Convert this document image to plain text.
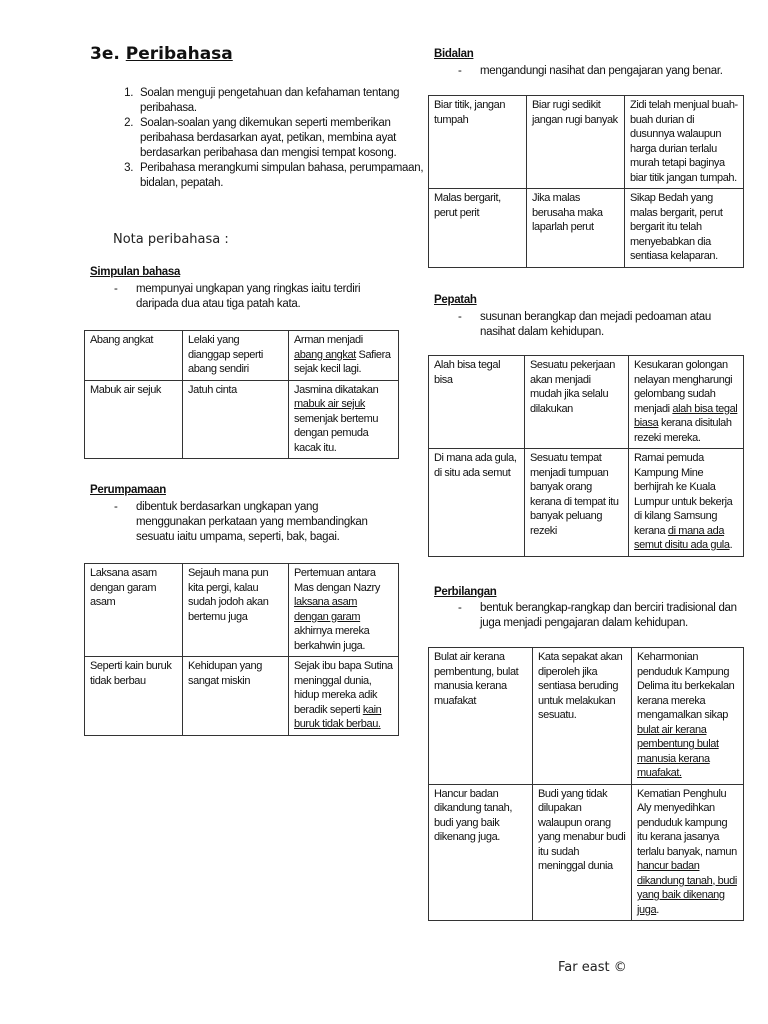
3e. Peribahasa
1. Soalan menguji pengetahuan dan kefahaman tentang peribahasa.
2. Soalan-soalan yang dikemukan seperti memberikan peribahasa berdasarkan ayat, petikan, membina ayat berdasarkan peribahasa dan mengisi tempat kosong.
3. Peribahasa merangkumi simpulan bahasa, perumpamaan, bidalan, pepatah.
Nota peribahasa :
Simpulan bahasa
-	mempunyai ungkapan yang ringkas iaitu terdiri daripada dua atau tiga patah kata.
Abang angkat	Lelaki yang dianggap seperti abang sendiri	Arman menjadi abang angkat Safiera sejak kecil lagi.
Mabuk air sejuk	Jatuh cinta	Jasmina dikatakan mabuk air sejuk semenjak bertemu dengan pemuda kacak itu.
Perumpamaan
-	dibentuk berdasarkan ungkapan yang menggunakan perkataan yang membandingkan sesuatu iaitu umpama, seperti, bak, bagai.
Laksana asam dengan garam asam	Sejauh mana pun kita pergi, kalau sudah jodoh akan bertemu juga	Pertemuan antara Mas dengan Nazry laksana asam dengan garam akhirnya mereka berkahwin juga.
Seperti kain buruk tidak berbau	Kehidupan yang sangat miskin	Sejak ibu bapa Sutina meninggal dunia, hidup mereka adik beradik seperti kain buruk tidak berbau.
Bidalan
-	mengandungi nasihat dan pengajaran yang benar.
Biar titik, jangan tumpah	Biar rugi sedikit jangan rugi banyak	Zidi telah menjual buah-buah durian di dusunnya walaupun harga durian terlalu murah tetapi baginya biar titik jangan tumpah.
Malas bergarit, perut perit	Jika malas berusaha maka laparlah perut	Sikap Bedah yang malas bergarit, perut bergarit itu telah menyebabkan dia sentiasa kelaparan.
Pepatah
-	susunan berangkap dan mejadi pedoaman atau nasihat dalam kehidupan.
Alah bisa tegal bisa	Sesuatu pekerjaan akan menjadi mudah jika selalu dilakukan	Kesukaran golongan nelayan mengharungi gelombang sudah menjadi alah bisa tegal biasa kerana disitulah rezeki mereka.
Di mana ada gula, di situ ada semut	Sesuatu tempat menjadi tumpuan banyak orang kerana di tempat itu banyak peluang rezeki	Ramai pemuda Kampung Mine berhijrah ke Kuala Lumpur untuk bekerja di kilang Samsung kerana di mana ada semut disitu ada gula.
Perbilangan
-	bentuk berangkap-rangkap dan berciri tradisional dan juga menjadi pengajaran dalam kehidupan.
Bulat air kerana pembentung, bulat manusia kerana muafakat	Kata sepakat akan diperoleh jika sentiasa beruding untuk melakukan sesuatu.	Keharmonian penduduk Kampung Delima itu berkekalan kerana mereka mengamalkan sikap bulat air kerana pembentung bulat manusia kerana muafakat.
Hancur badan dikandung tanah, budi yang baik dikenang juga.	Budi yang tidak dilupakan walaupun orang yang menabur budi itu sudah meninggal dunia	Kematian Penghulu Aly menyedihkan penduduk kampung itu kerana jasanya terlalu banyak, namun hancur badan dikandung tanah, budi yang baik dikenang juga.
Far east ©
